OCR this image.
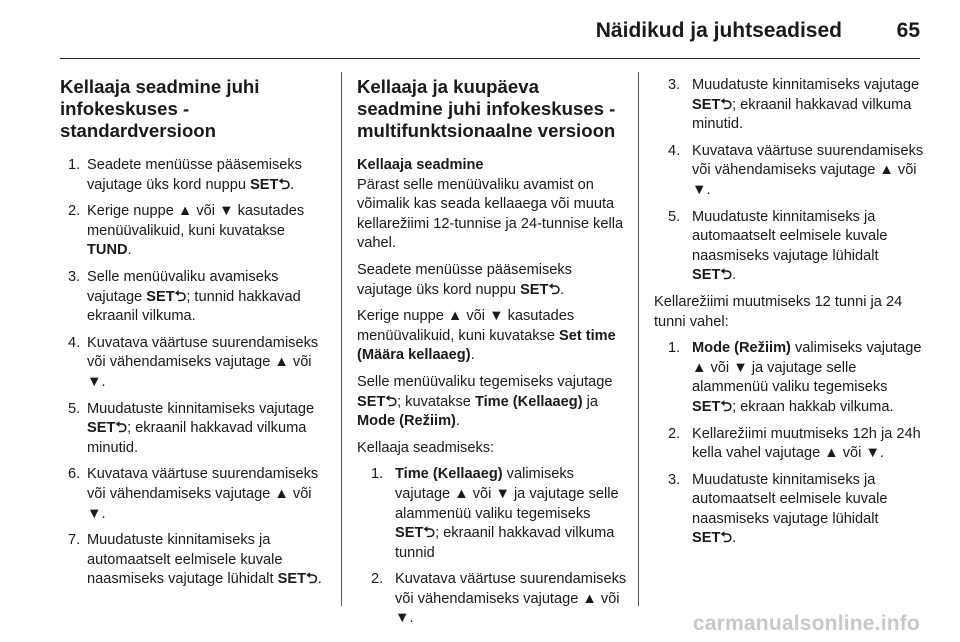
Näidikud ja juhtseadised	65
Kellaaja seadmine juhi infokeskuses - standardversioon
1. Seadete menüüsse pääsemiseks vajutage üks kord nuppu SET⮌.
2. Kerige nuppe ▲ või ▼ kasutades menüüvalikuid, kuni kuvatakse TUND.
3. Selle menüüvaliku avamiseks vajutage SET⮌; tunnid hakkavad ekraanil vilkuma.
4. Kuvatava väärtuse suurendamiseks või vähendamiseks vajutage ▲ või ▼.
5. Muudatuste kinnitamiseks vajutage SET⮌; ekraanil hakkavad vilkuma minutid.
6. Kuvatava väärtuse suurendamiseks või vähendamiseks vajutage ▲ või ▼.
7. Muudatuste kinnitamiseks ja automaatselt eelmisele kuvale naasmiseks vajutage lühidalt SET⮌.
Kellaaja ja kuupäeva seadmine juhi infokeskuses - multifunktsionaalne versioon
Kellaaja seadmine

Pärast selle menüüvaliku avamist on võimalik kas seada kellaaega või muuta kellarežiimi 12-tunnise ja 24-tunnise kella vahel.

Seadete menüüsse pääsemiseks vajutage üks kord nuppu SET⮌.

Kerige nuppe ▲ või ▼ kasutades menüüvalikuid, kuni kuvatakse Set time (Määra kellaaeg).

Selle menüüvaliku tegemiseks vajutage SET⮌; kuvatakse Time (Kellaaeg) ja Mode (Režiim).

Kellaaja seadmiseks:

1. Time (Kellaaeg) valimiseks vajutage ▲ või ▼ ja vajutage selle alammenüü valiku tegemiseks SET⮌; ekraanil hakkavad vilkuma tunnid
2. Kuvatava väärtuse suurendamiseks või vähendamiseks vajutage ▲ või ▼.
3. Muudatuste kinnitamiseks vajutage SET⮌; ekraanil hakkavad vilkuma minutid.
4. Kuvatava väärtuse suurendamiseks või vähendamiseks vajutage ▲ või ▼.
5. Muudatuste kinnitamiseks ja automaatselt eelmisele kuvale naasmiseks vajutage lühidalt SET⮌.

Kellarežiimi muutmiseks 12 tunni ja 24 tunni vahel:

1. Mode (Režiim) valimiseks vajutage ▲ või ▼ ja vajutage selle alammenüü valiku tegemiseks SET⮌; ekraan hakkab vilkuma.
2. Kellarežiimi muutmiseks 12h ja 24h kella vahel vajutage ▲ või ▼.
3. Muudatuste kinnitamiseks ja automaatselt eelmisele kuvale naasmiseks vajutage lühidalt SET⮌.
carmanualsonline.info
